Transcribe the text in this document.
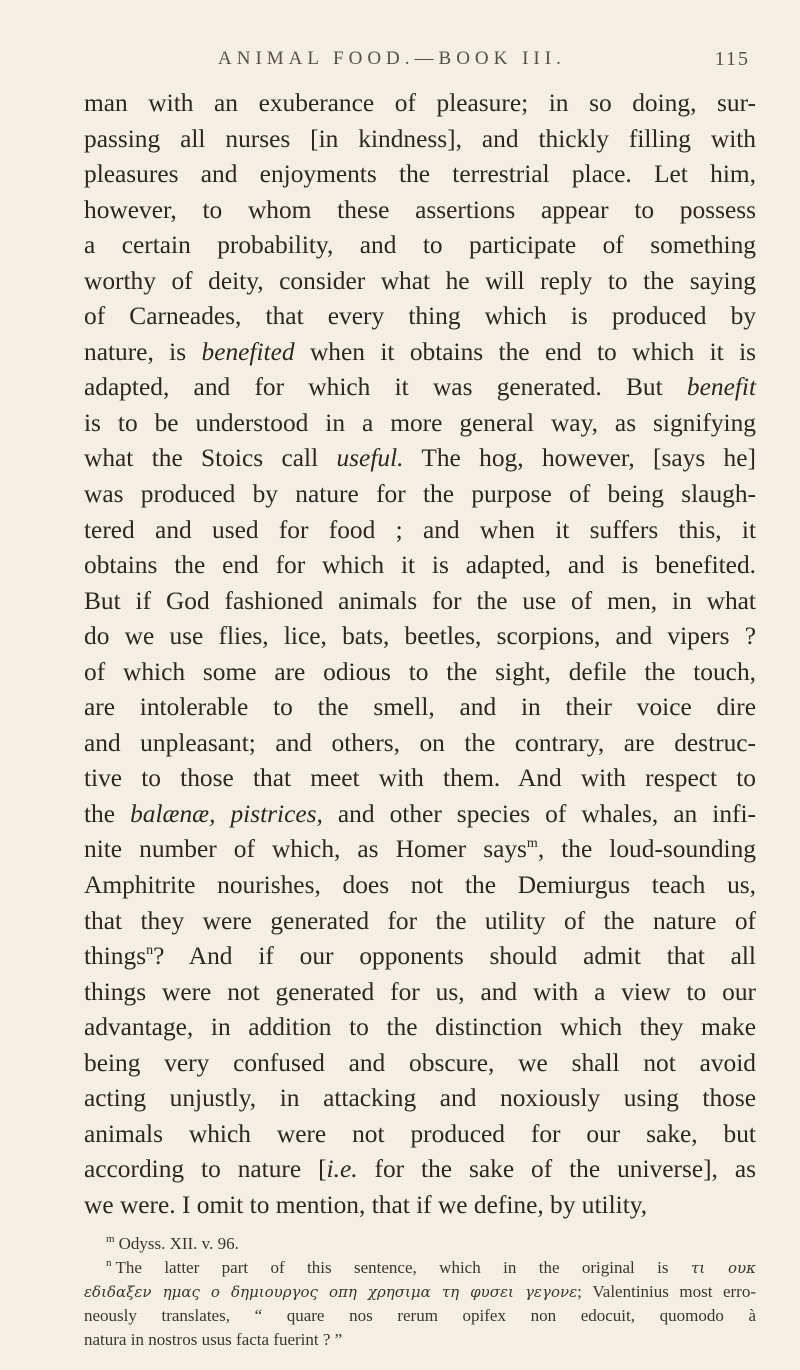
ANIMAL FOOD.—BOOK III.	115

man with an exuberance of pleasure; in so doing, sur-
passing all nurses [in kindness], and thickly filling with
pleasures and enjoyments the terrestrial place. Let him,
however, to whom these assertions appear to possess
a certain probability, and to participate of something
worthy of deity, consider what he will reply to the saying
of Carneades, that every thing which is produced by
nature, is benefited when it obtains the end to which it is
adapted, and for which it was generated. But benefit
is to be understood in a more general way, as signifying
what the Stoics call useful. The hog, however, [says he]
was produced by nature for the purpose of being slaugh-
tered and used for food ; and when it suffers this, it
obtains the end for which it is adapted, and is benefited.
But if God fashioned animals for the use of men, in what
do we use flies, lice, bats, beetles, scorpions, and vipers ?
of which some are odious to the sight, defile the touch,
are intolerable to the smell, and in their voice dire
and unpleasant; and others, on the contrary, are destruc-
tive to those that meet with them. And with respect to
the balænæ, pistrices, and other species of whales, an infi-
nite number of which, as Homer says$^m$, the loud-sounding
Amphitrite nourishes, does not the Demiurgus teach us,
that they were generated for the utility of the nature of
things$^n$? And if our opponents should admit that all
things were not generated for us, and with a view to our
advantage, in addition to the distinction which they make
being very confused and obscure, we shall not avoid
acting unjustly, in attacking and noxiously using those
animals which were not produced for our sake, but
according to nature [i.e. for the sake of the universe], as
we were. I omit to mention, that if we define, by utility,

$^m$ Odyss. XII. v. 96.
$^n$ The latter part of this sentence, which in the original is τι ουκ
εδιδαξεν ημας ο δημιουργος οπη χρησιμα τη φυσει γεγονε; Valentinius most erro-
neously translates, “ quare nos rerum opifex non edocuit, quomodo à
natura in nostros usus facta fuerint ? ”
